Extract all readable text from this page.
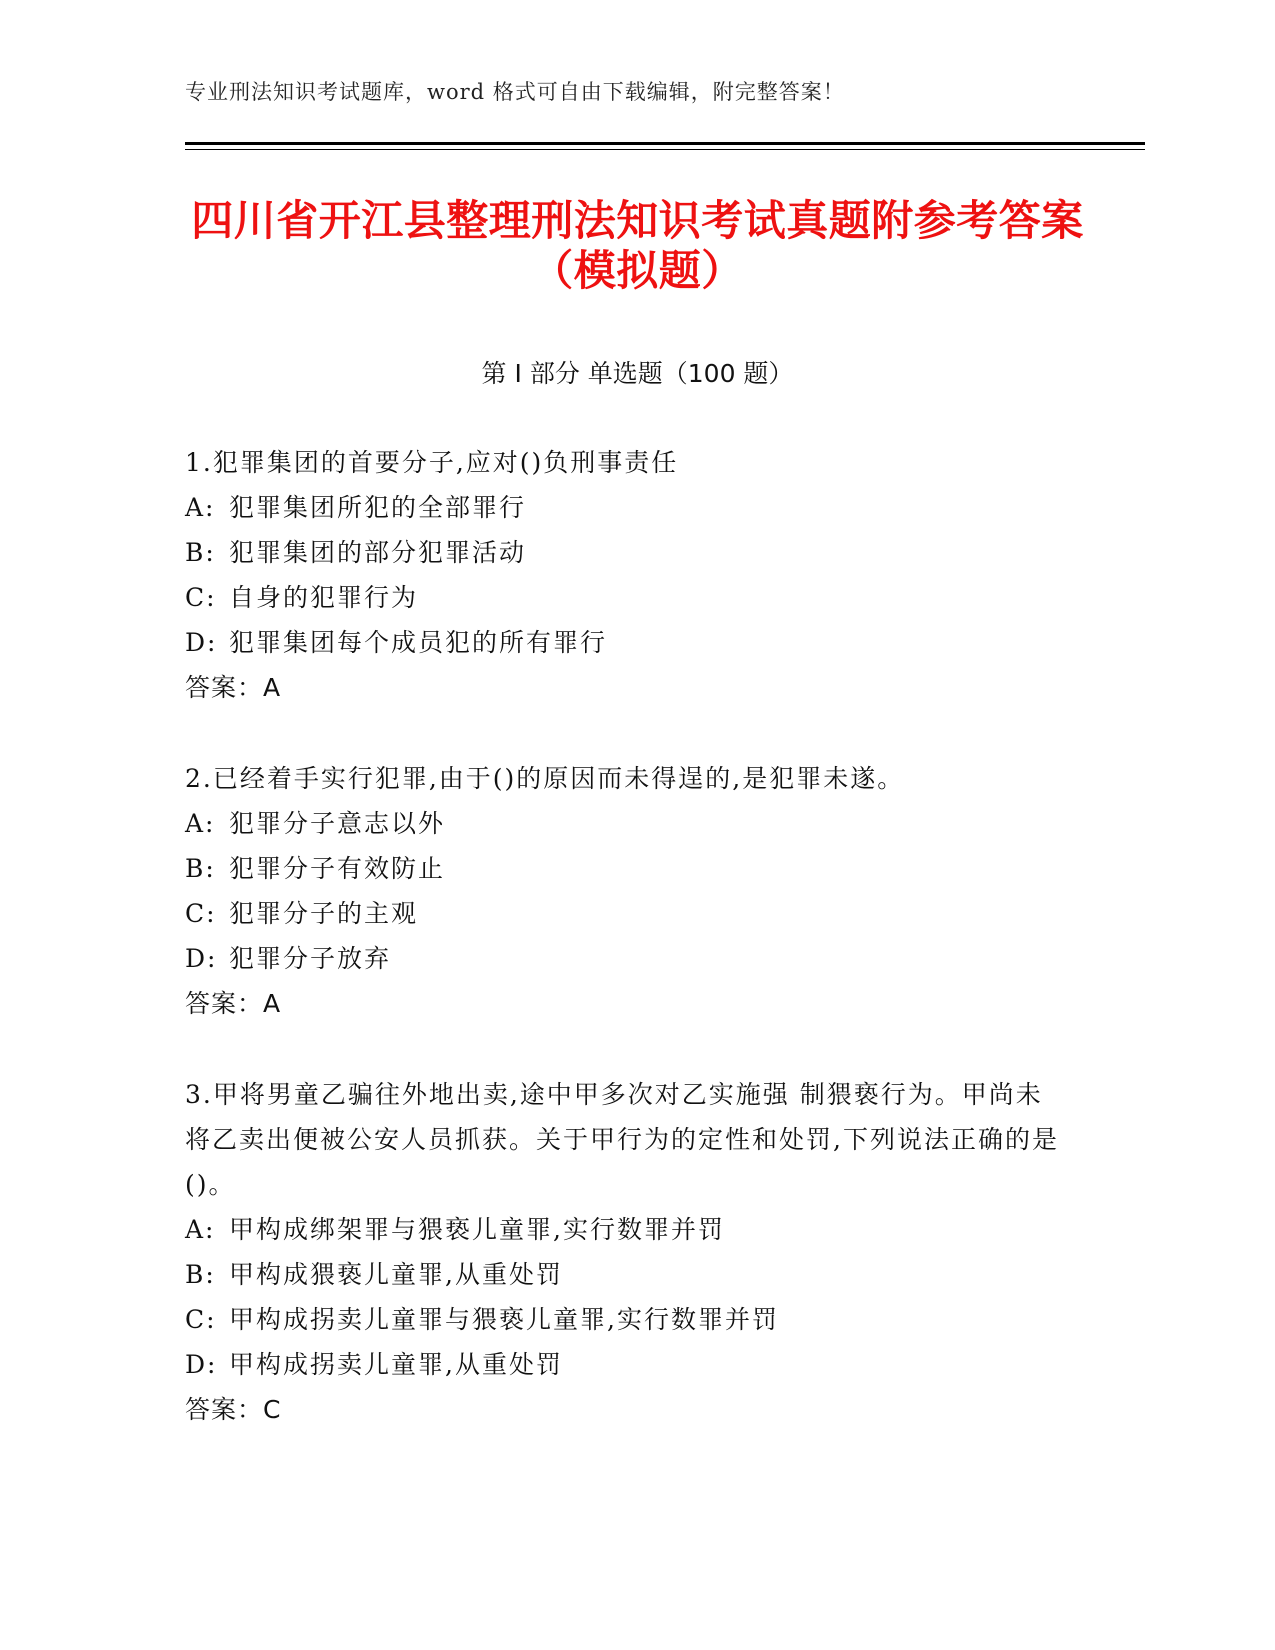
专业刑法知识考试题库，word 格式可自由下载编辑，附完整答案！
四川省开江县整理刑法知识考试真题附参考答案（模拟题）
第 I 部分 单选题（100 题）
1.犯罪集团的首要分子,应对()负刑事责任
A: 犯罪集团所犯的全部罪行
B: 犯罪集团的部分犯罪活动
C: 自身的犯罪行为
D: 犯罪集团每个成员犯的所有罪行
答案：A
2.已经着手实行犯罪,由于()的原因而未得逞的,是犯罪未遂。
A: 犯罪分子意志以外
B: 犯罪分子有效防止
C: 犯罪分子的主观
D: 犯罪分子放弃
答案：A
3.甲将男童乙骗往外地出卖,途中甲多次对乙实施强 制猥亵行为。甲尚未将乙卖出便被公安人员抓获。关于甲行为的定性和处罚,下列说法正确的是()。
A: 甲构成绑架罪与猥亵儿童罪,实行数罪并罚
B: 甲构成猥亵儿童罪,从重处罚
C: 甲构成拐卖儿童罪与猥亵儿童罪,实行数罪并罚
D: 甲构成拐卖儿童罪,从重处罚
答案：C
